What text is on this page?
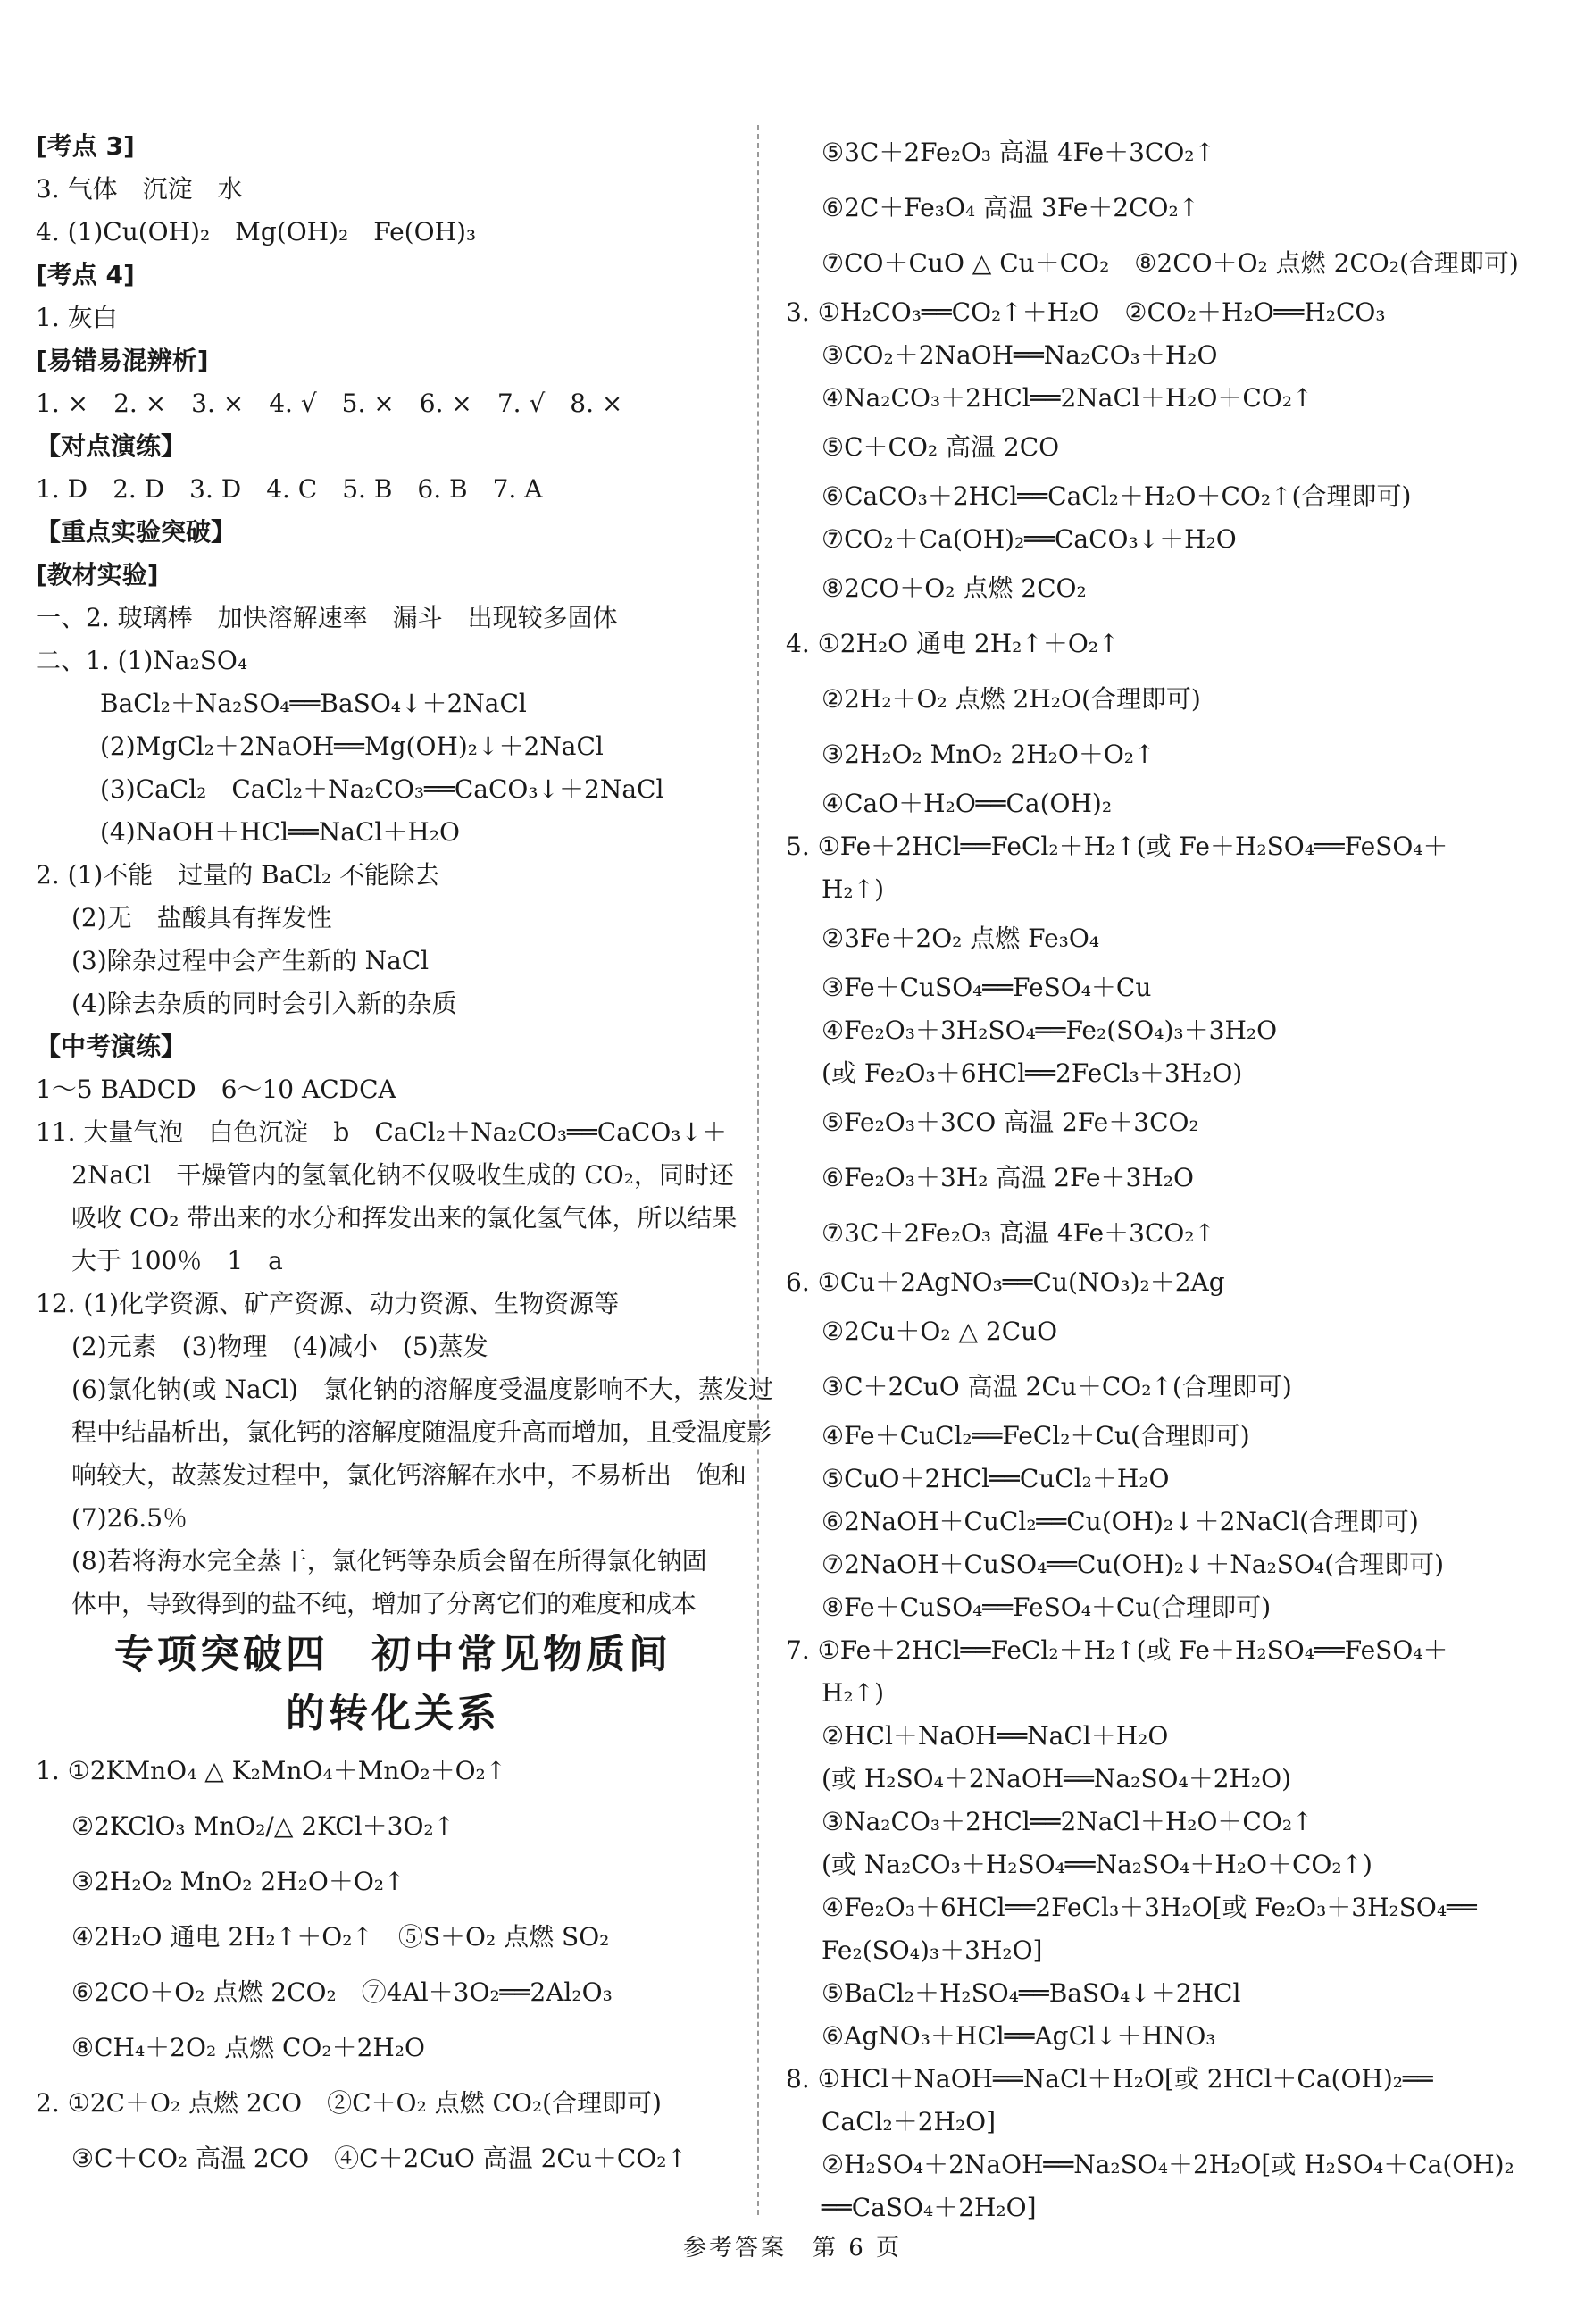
[考点 3]
3. 气体　沉淀　水
4. (1)Cu(OH)₂　Mg(OH)₂　Fe(OH)₃
[考点 4]
1. 灰白
[易错易混辨析]
1. ×　2. ×　3. ×　4. √　5. ×　6. ×　7. √　8. ×
【对点演练】
1. D　2. D　3. D　4. C　5. B　6. B　7. A
【重点实验突破】
[教材实验]
一、2. 玻璃棒　加快溶解速率　漏斗　出现较多固体
二、1. (1)Na₂SO₄
BaCl₂＋Na₂SO₄══BaSO₄↓＋2NaCl
(2)MgCl₂＋2NaOH══Mg(OH)₂↓＋2NaCl
(3)CaCl₂　CaCl₂＋Na₂CO₃══CaCO₃↓＋2NaCl
(4)NaOH＋HCl══NaCl＋H₂O
2. (1)不能　过量的 BaCl₂ 不能除去
(2)无　盐酸具有挥发性
(3)除杂过程中会产生新的 NaCl
(4)除去杂质的同时会引入新的杂质
【中考演练】
1～5 BADCD　6～10 ACDCA
11. 大量气泡　白色沉淀　b　CaCl₂＋Na₂CO₃══CaCO₃↓＋
2NaCl　干燥管内的氢氧化钠不仅吸收生成的 CO₂，同时还
吸收 CO₂ 带出来的水分和挥发出来的氯化氢气体，所以结果
大于 100％　1　a
12. (1)化学资源、矿产资源、动力资源、生物资源等
(2)元素　(3)物理　(4)减小　(5)蒸发
(6)氯化钠(或 NaCl)　氯化钠的溶解度受温度影响不大，蒸发过
程中结晶析出，氯化钙的溶解度随温度升高而增加，且受温度影
响较大，故蒸发过程中，氯化钙溶解在水中，不易析出　饱和
(7)26.5％
(8)若将海水完全蒸干，氯化钙等杂质会留在所得氯化钠固
体中，导致得到的盐不纯，增加了分离它们的难度和成本
专项突破四　初中常见物质间
的转化关系
1. ①2KMnO₄ △ K₂MnO₄＋MnO₂＋O₂↑
②2KClO₃ MnO₂/△ 2KCl＋3O₂↑
③2H₂O₂ MnO₂ 2H₂O＋O₂↑
④2H₂O 通电 2H₂↑＋O₂↑　⑤S＋O₂ 点燃 SO₂
⑥2CO＋O₂ 点燃 2CO₂　⑦4Al＋3O₂══2Al₂O₃
⑧CH₄＋2O₂ 点燃 CO₂＋2H₂O
2. ①2C＋O₂ 点燃 2CO　②C＋O₂ 点燃 CO₂(合理即可)
③C＋CO₂ 高温 2CO　④C＋2CuO 高温 2Cu＋CO₂↑
⑤3C＋2Fe₂O₃ 高温 4Fe＋3CO₂↑
⑥2C＋Fe₃O₄ 高温 3Fe＋2CO₂↑
⑦CO＋CuO △ Cu＋CO₂　⑧2CO＋O₂ 点燃 2CO₂(合理即可)
3. ①H₂CO₃══CO₂↑＋H₂O　②CO₂＋H₂O══H₂CO₃
③CO₂＋2NaOH══Na₂CO₃＋H₂O
④Na₂CO₃＋2HCl══2NaCl＋H₂O＋CO₂↑
⑤C＋CO₂ 高温 2CO
⑥CaCO₃＋2HCl══CaCl₂＋H₂O＋CO₂↑(合理即可)
⑦CO₂＋Ca(OH)₂══CaCO₃↓＋H₂O
⑧2CO＋O₂ 点燃 2CO₂
4. ①2H₂O 通电 2H₂↑＋O₂↑
②2H₂＋O₂ 点燃 2H₂O(合理即可)
③2H₂O₂ MnO₂ 2H₂O＋O₂↑
④CaO＋H₂O══Ca(OH)₂
5. ①Fe＋2HCl══FeCl₂＋H₂↑(或 Fe＋H₂SO₄══FeSO₄＋
H₂↑)
②3Fe＋2O₂ 点燃 Fe₃O₄
③Fe＋CuSO₄══FeSO₄＋Cu
④Fe₂O₃＋3H₂SO₄══Fe₂(SO₄)₃＋3H₂O
(或 Fe₂O₃＋6HCl══2FeCl₃＋3H₂O)
⑤Fe₂O₃＋3CO 高温 2Fe＋3CO₂
⑥Fe₂O₃＋3H₂ 高温 2Fe＋3H₂O
⑦3C＋2Fe₂O₃ 高温 4Fe＋3CO₂↑
6. ①Cu＋2AgNO₃══Cu(NO₃)₂＋2Ag
②2Cu＋O₂ △ 2CuO
③C＋2CuO 高温 2Cu＋CO₂↑(合理即可)
④Fe＋CuCl₂══FeCl₂＋Cu(合理即可)
⑤CuO＋2HCl══CuCl₂＋H₂O
⑥2NaOH＋CuCl₂══Cu(OH)₂↓＋2NaCl(合理即可)
⑦2NaOH＋CuSO₄══Cu(OH)₂↓＋Na₂SO₄(合理即可)
⑧Fe＋CuSO₄══FeSO₄＋Cu(合理即可)
7. ①Fe＋2HCl══FeCl₂＋H₂↑(或 Fe＋H₂SO₄══FeSO₄＋
H₂↑)
②HCl＋NaOH══NaCl＋H₂O
(或 H₂SO₄＋2NaOH══Na₂SO₄＋2H₂O)
③Na₂CO₃＋2HCl══2NaCl＋H₂O＋CO₂↑
(或 Na₂CO₃＋H₂SO₄══Na₂SO₄＋H₂O＋CO₂↑)
④Fe₂O₃＋6HCl══2FeCl₃＋3H₂O[或 Fe₂O₃＋3H₂SO₄══
Fe₂(SO₄)₃＋3H₂O]
⑤BaCl₂＋H₂SO₄══BaSO₄↓＋2HCl
⑥AgNO₃＋HCl══AgCl↓＋HNO₃
8. ①HCl＋NaOH══NaCl＋H₂O[或 2HCl＋Ca(OH)₂══
CaCl₂＋2H₂O]
②H₂SO₄＋2NaOH══Na₂SO₄＋2H₂O[或 H₂SO₄＋Ca(OH)₂
══CaSO₄＋2H₂O]
参考答案　第 6 页
